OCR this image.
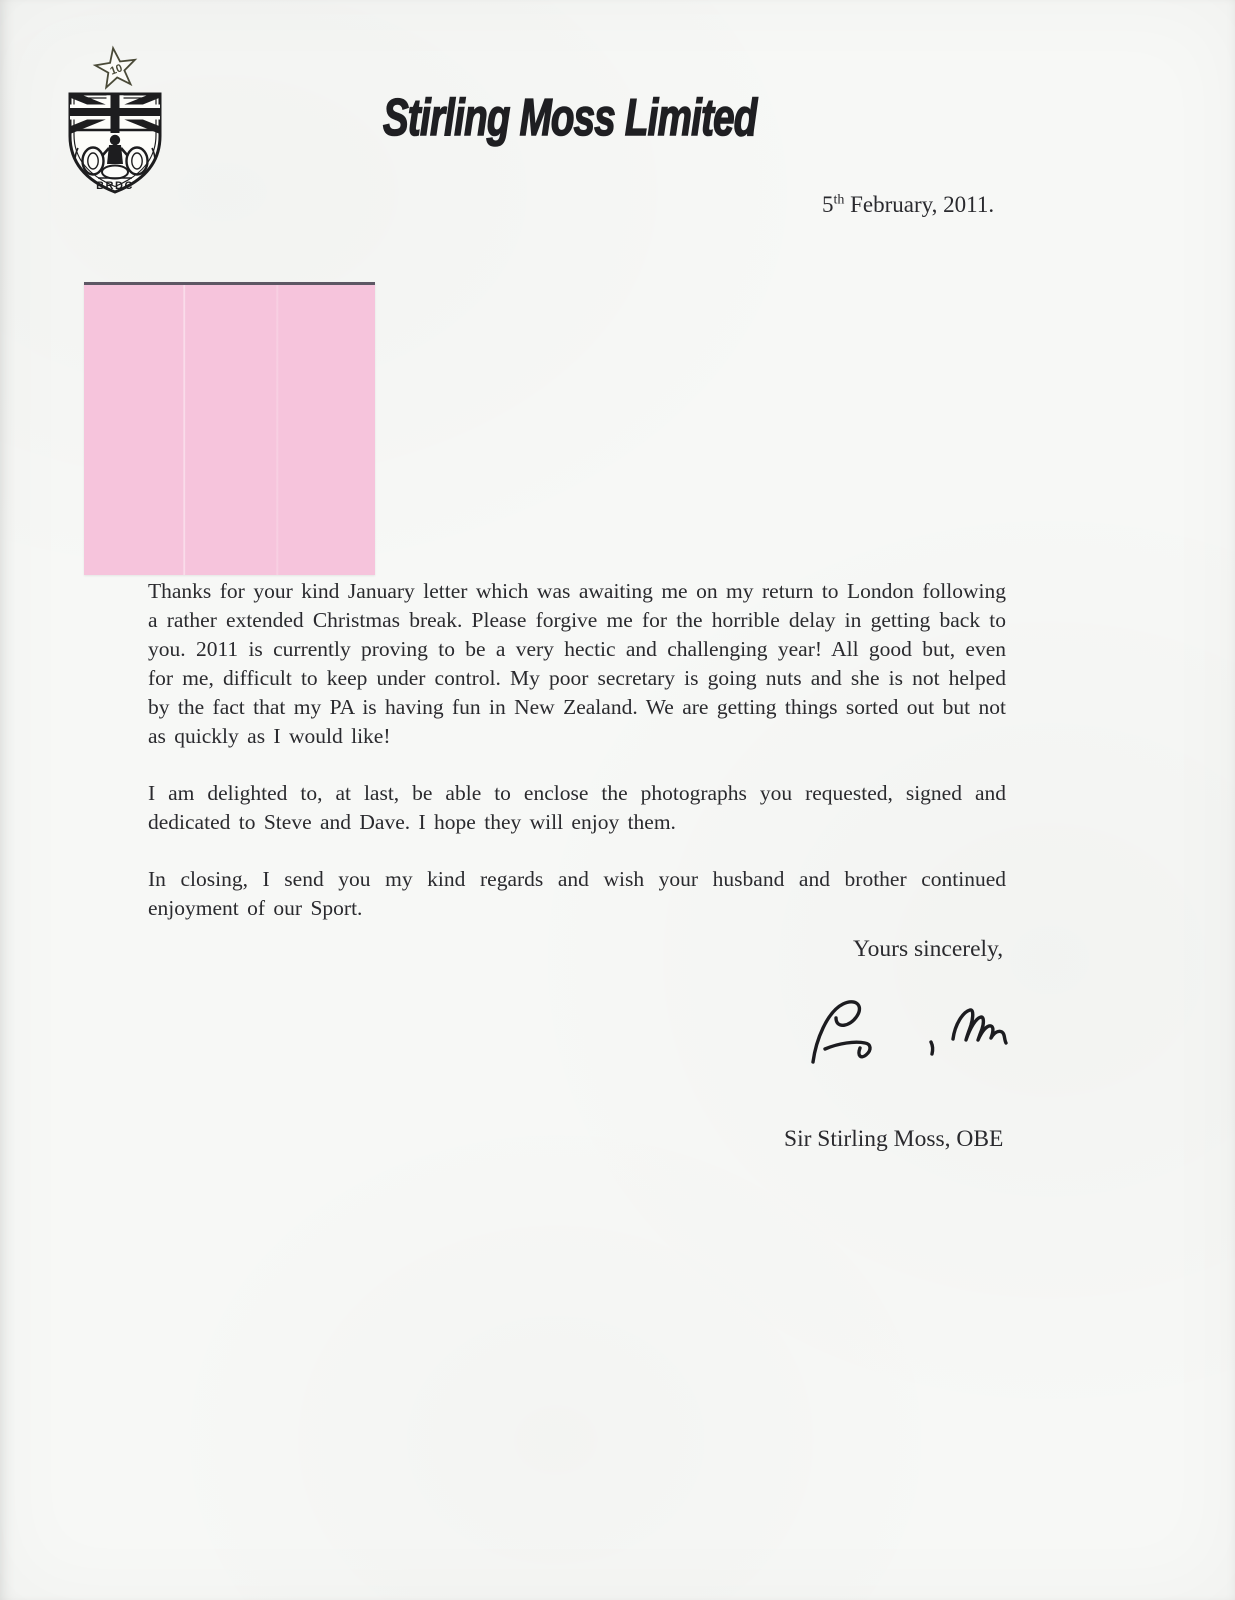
10
BRDC
Stirling Moss Limited
5th February, 2011.

Thanks for your kind January letter which was awaiting me on my return to London following a rather extended Christmas break. Please forgive me for the horrible delay in getting back to you. 2011 is currently proving to be a very hectic and challenging year! All good but, even for me, difficult to keep under control. My poor secretary is going nuts and she is not helped by the fact that my PA is having fun in New Zealand. We are getting things sorted out but not as quickly as I would like!

I am delighted to, at last, be able to enclose the photographs you requested, signed and dedicated to Steve and Dave. I hope they will enjoy them.

In closing, I send you my kind regards and wish your husband and brother continued enjoyment of our Sport.

Yours sincerely,
Sir Stirling Moss, OBE
